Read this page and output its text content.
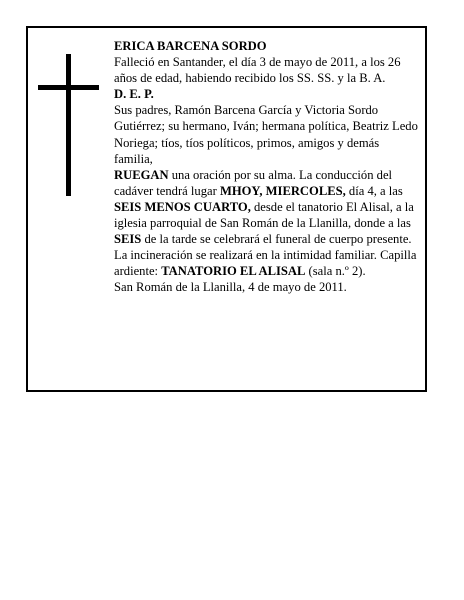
ERICA BARCENA SORDO

Falleció en Santander, el día 3 de mayo de 2011, a los 26 años de edad, habiendo recibido los SS. SS. y la B. A.

D. E. P.

Sus padres, Ramón Barcena García y Victoria Sordo Gutiérrez; su hermano, Iván; hermana política, Beatriz Ledo Noriega; tíos, tíos políticos, primos, amigos y demás familia,

RUEGAN una oración por su alma. La conducción del cadáver tendrá lugar MHOY, MIERCOLES, día 4, a las SEIS MENOS CUARTO, desde el tanatorio El Alisal, a la iglesia parroquial de San Román de la Llanilla, donde a las SEIS de la tarde se celebrará el funeral de cuerpo presente. La incineración se realizará en la intimidad familiar. Capilla ardiente: TANATORIO EL ALISAL (sala n.º 2).

San Román de la Llanilla, 4 de mayo de 2011.
